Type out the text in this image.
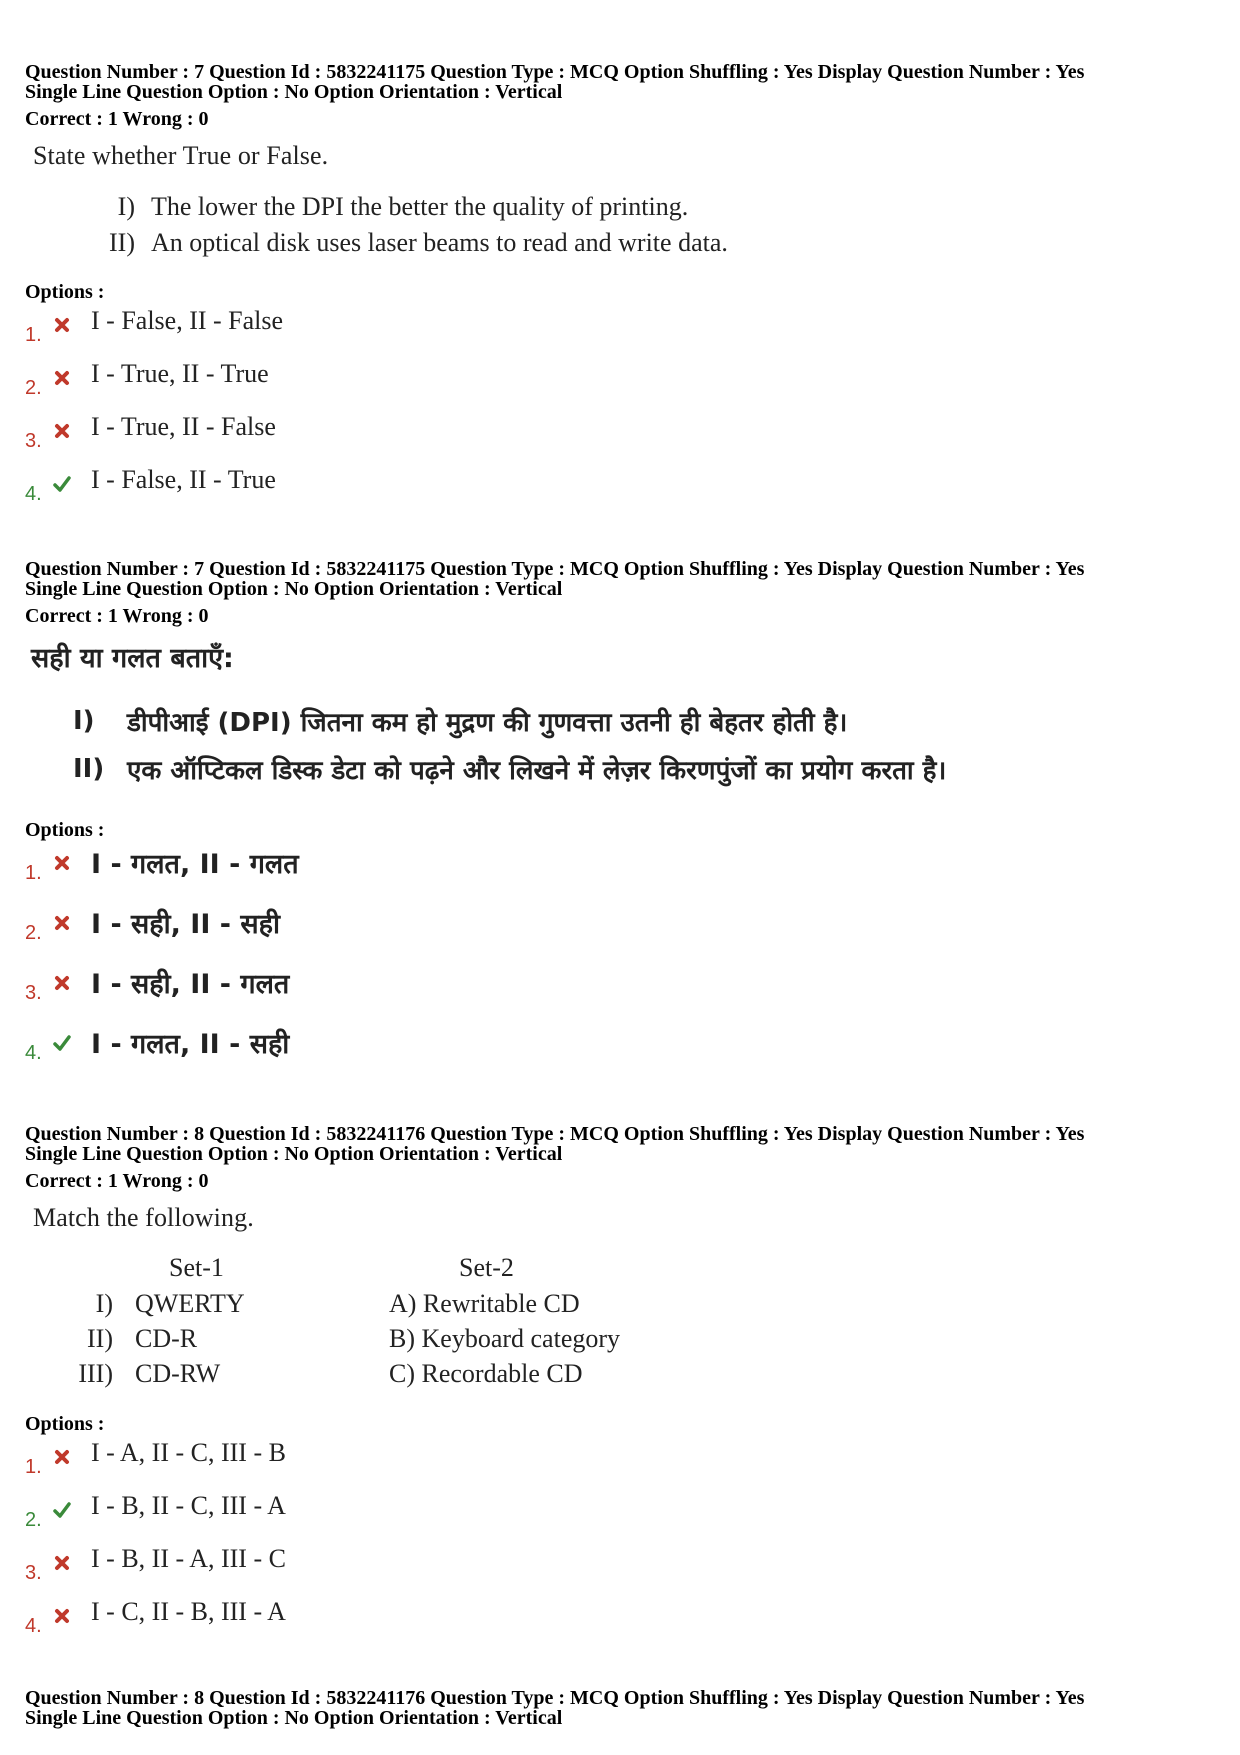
Question Number : 7 Question Id : 5832241175 Question Type : MCQ Option Shuffling : Yes Display Question Number : Yes

Single Line Question Option : No Option Orientation : Vertical

Correct : 1 Wrong : 0

State whether True or False.
I) The lower the DPI the better the quality of printing.
II) An optical disk uses laser beams to read and write data.
Options :
1. I - False, II - False
2. I - True, II - True
3. I - True, II - False
4. I - False, II - True

Question Number : 7 Question Id : 5832241175 Question Type : MCQ Option Shuffling : Yes Display Question Number : Yes

Single Line Question Option : No Option Orientation : Vertical

Correct : 1 Wrong : 0

सही या गलत बताएँ:
I)	डीपीआई (DPI) जितना कम हो मुद्रण की गुणवत्ता उतनी ही बेहतर होती है।
II) एक ऑप्टिकल डिस्क डेटा को पढ़ने और लिखने में लेज़र किरणपुंजों का प्रयोग करता है।
Options :
1. I - गलत, II - गलत
2. I - सही, II - सही
3. I - सही, II - गलत
4. I - गलत, II - सही

Question Number : 8 Question Id : 5832241176 Question Type : MCQ Option Shuffling : Yes Display Question Number : Yes

Single Line Question Option : No Option Orientation : Vertical

Correct : 1 Wrong : 0

Match the following.
Set-1	Set-2
I) QWERTY	A) Rewritable CD
II) CD-R	B) Keyboard category
III) CD-RW	C) Recordable CD
Options :
1. I - A, II - C, III - B
2. I - B, II - C, III - A
3. I - B, II - A, III - C
4. I - C, II - B, III - A

Question Number : 8 Question Id : 5832241176 Question Type : MCQ Option Shuffling : Yes Display Question Number : Yes

Single Line Question Option : No Option Orientation : Vertical
